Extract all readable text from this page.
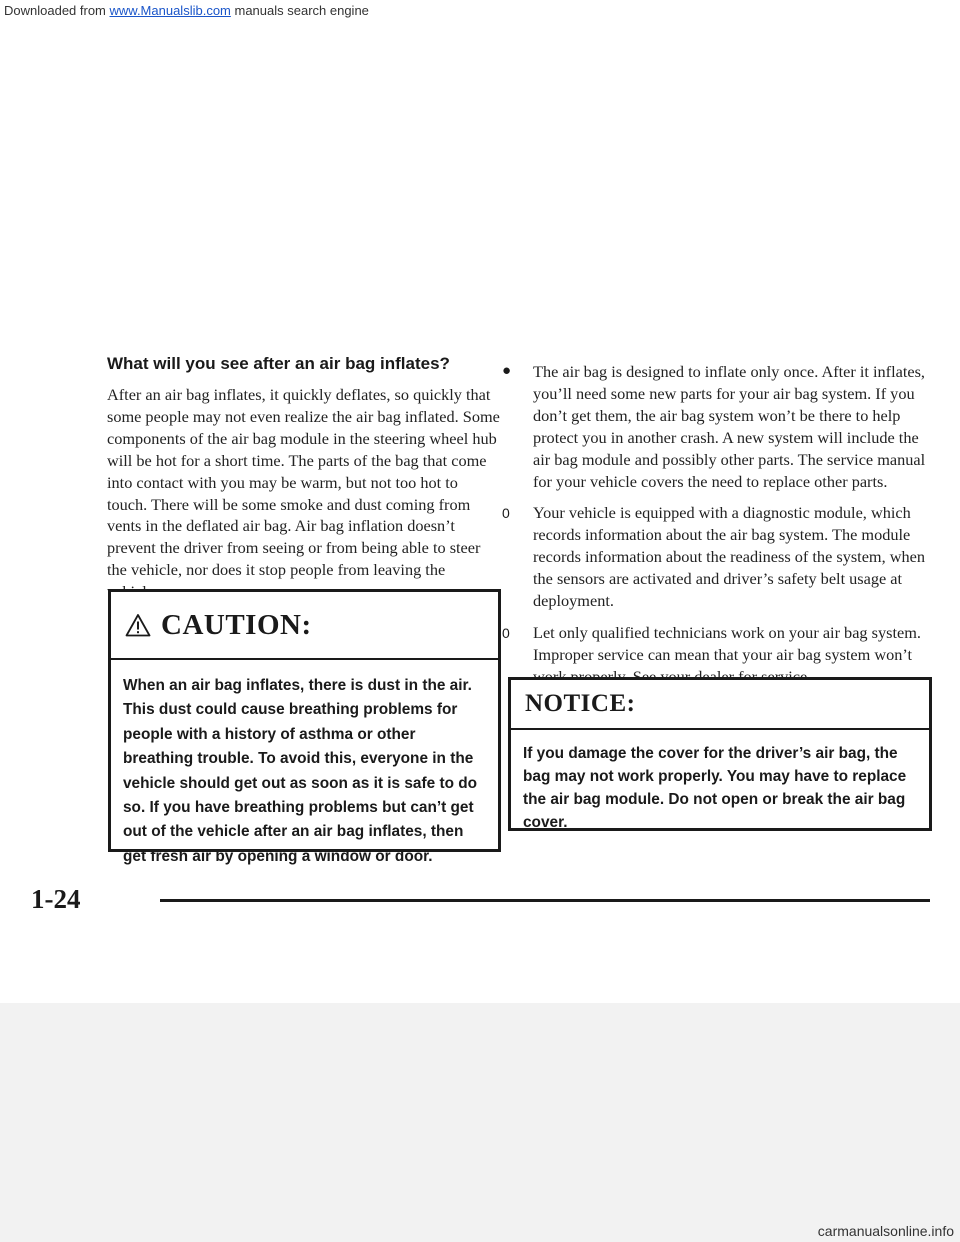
Downloaded from www.Manualslib.com manuals search engine
What will you see after an air bag inflates?

After an air bag inflates, it quickly deflates, so quickly that some people may not even realize the air bag inflated. Some components of the air bag module in the steering wheel hub will be hot for a short time. The parts of the bag that come into contact with you may be warm, but not too hot to touch. There will be some smoke and dust coming from vents in the deflated air bag. Air bag inflation doesn’t prevent the driver from seeing or from being able to steer the vehicle, nor does it stop people from leaving the

CAUTION:
When an air bag inflates, there is dust in the air. This dust could cause breathing problems for people with a history of asthma or other breathing trouble. To avoid this, everyone in the vehicle should get out as soon as it is safe to do so. If you have breathing problems but can’t get out of the vehicle after an air bag inflates, then get fresh air by opening a window or door.
● The air bag is designed to inflate only once. After it inflates, you’ll need some new parts for your air bag system. If you don’t get them, the air bag system won’t be there to help protect you in another crash. A new system will include the air bag module and possibly other parts. The service manual for your vehicle covers the need to replace other parts.

0 Your vehicle is equipped with a diagnostic module, which records information about the air bag system. The module records information about the readiness of the system, when the sensors are activated and driver’s safety belt usage at deployment.

0 Let only qualified technicians work on your air bag system. Improper service can mean that your air bag system won’t

NOTICE:
If you damage the cover for the driver’s air bag, the bag may not work properly. You may have to replace the air bag module. Do not open or break the air bag cover.
1-24
carmanualsonline.info
